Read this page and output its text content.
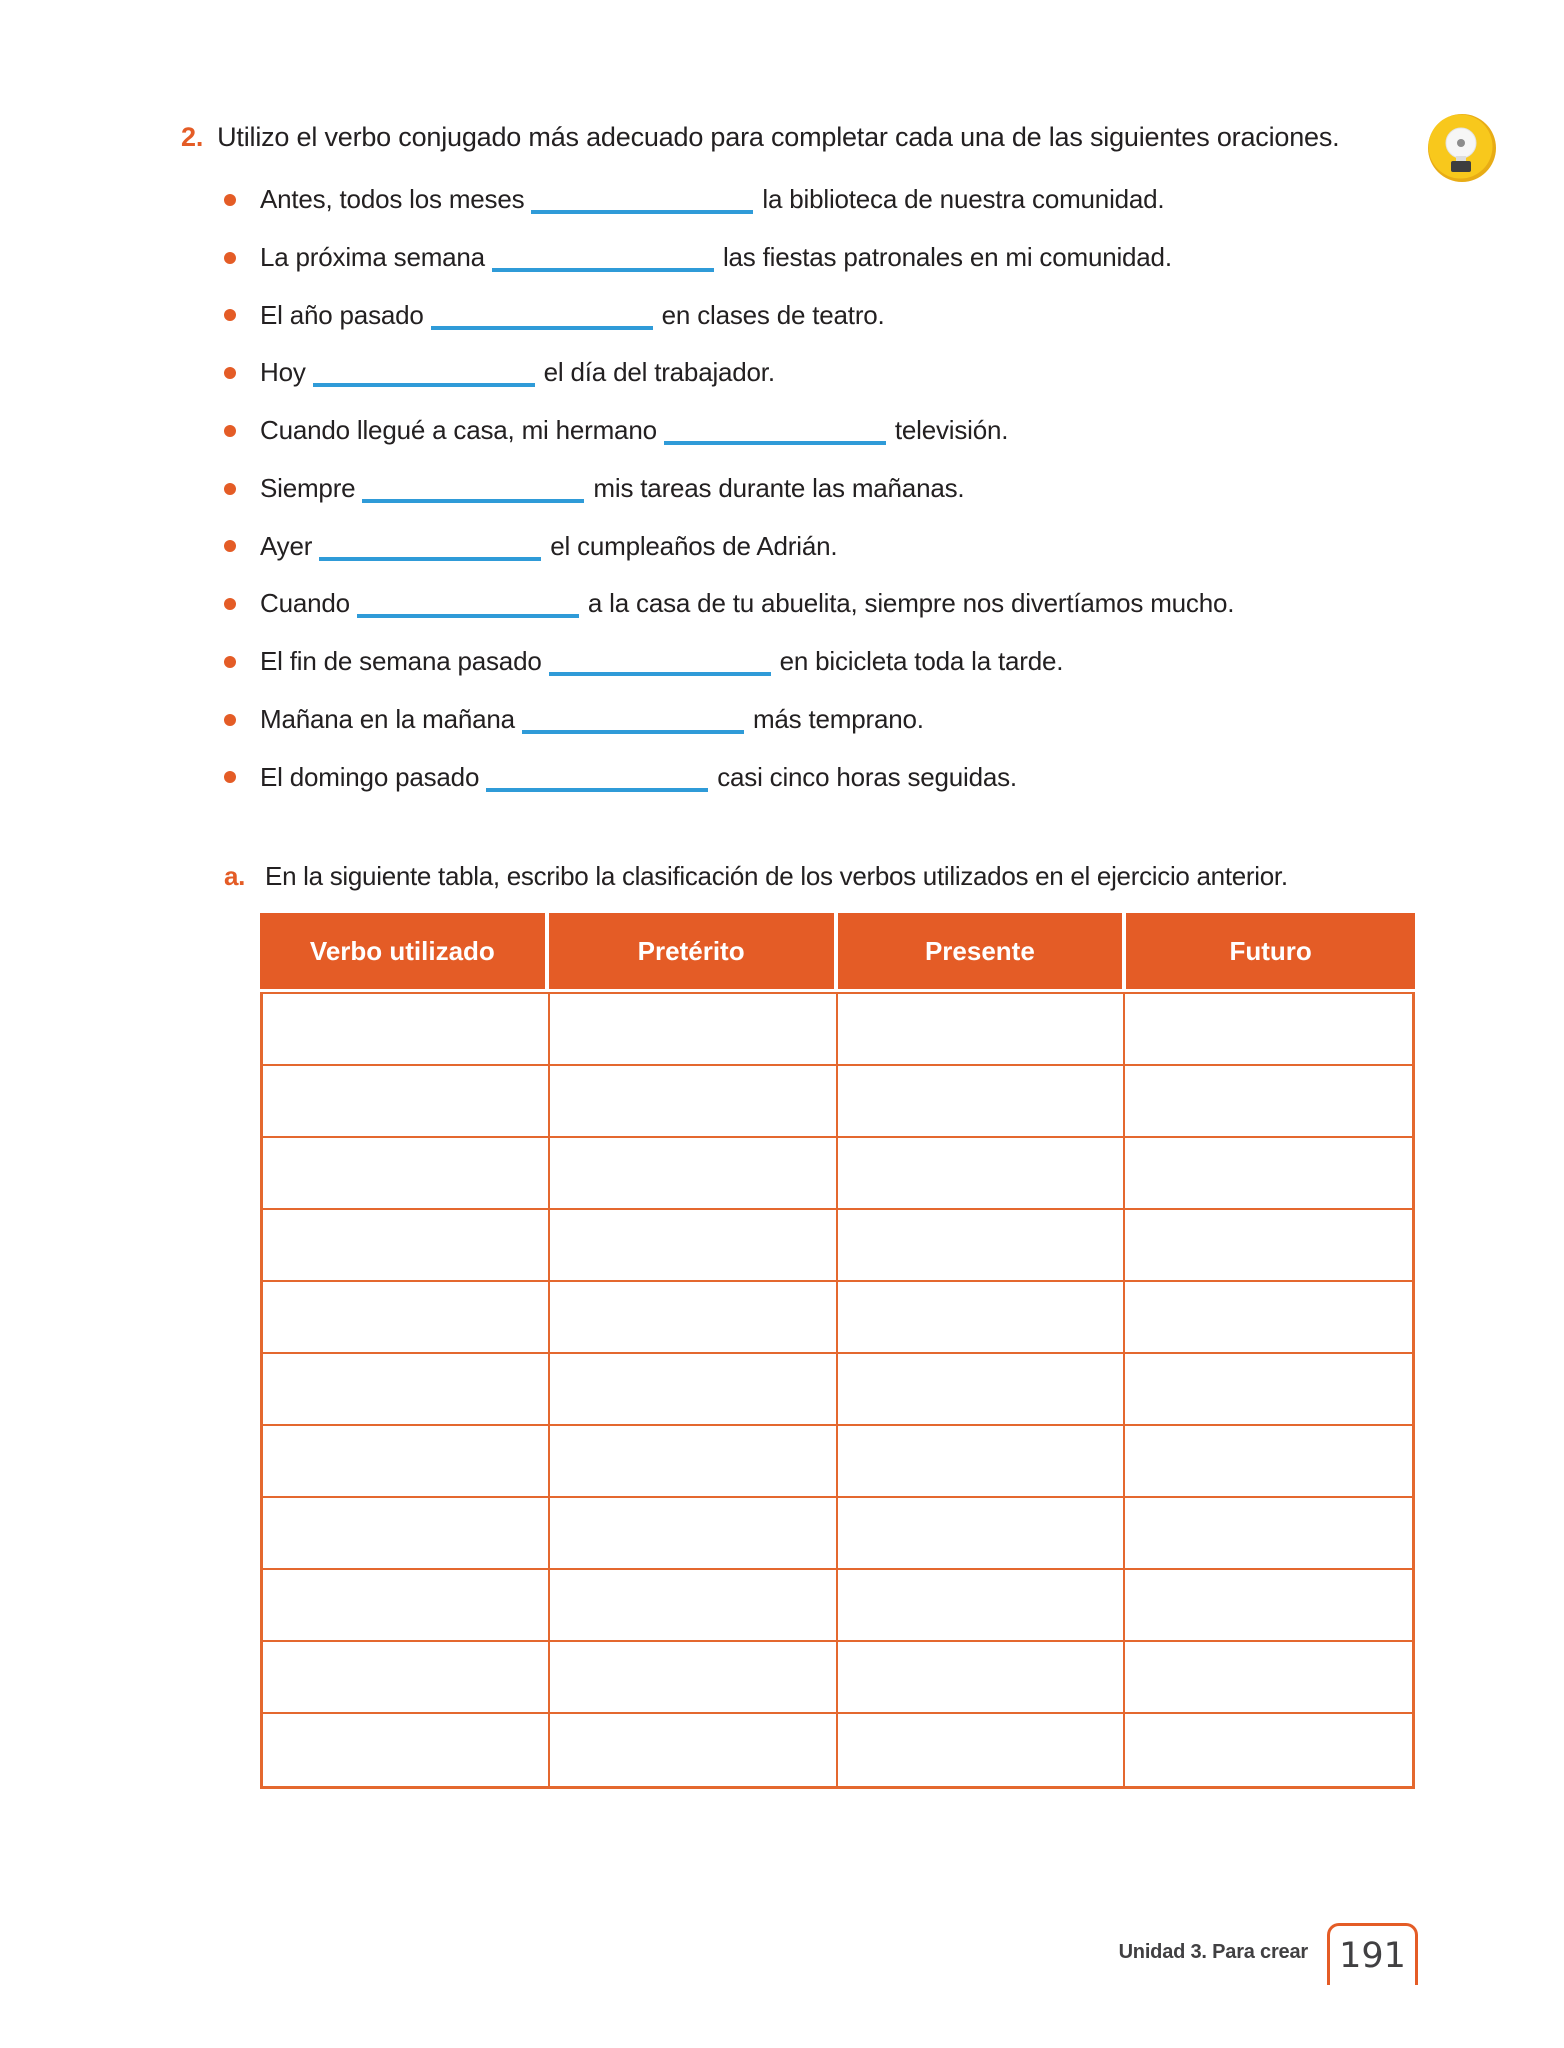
2. Utilizo el verbo conjugado más adecuado para completar cada una de las siguientes oraciones.
Antes, todos los meses	la biblioteca de nuestra comunidad.
La próxima semana	las fiestas patronales en mi comunidad.
El año pasado	en clases de teatro.
Hoy	el día del trabajador.
Cuando llegué a casa, mi hermano	televisión.
Siempre	mis tareas durante las mañanas.
Ayer	el cumpleaños de Adrián.
Cuando	a la casa de tu abuelita, siempre nos divertíamos mucho.
El fin de semana pasado	en bicicleta toda la tarde.
Mañana en la mañana	más temprano.
El domingo pasado	casi cinco horas seguidas.
a. En la siguiente tabla, escribo la clasificación de los verbos utilizados en el ejercicio anterior.
Verbo utilizado	Pretérito	Presente	Futuro
Unidad 3. Para crear 191
